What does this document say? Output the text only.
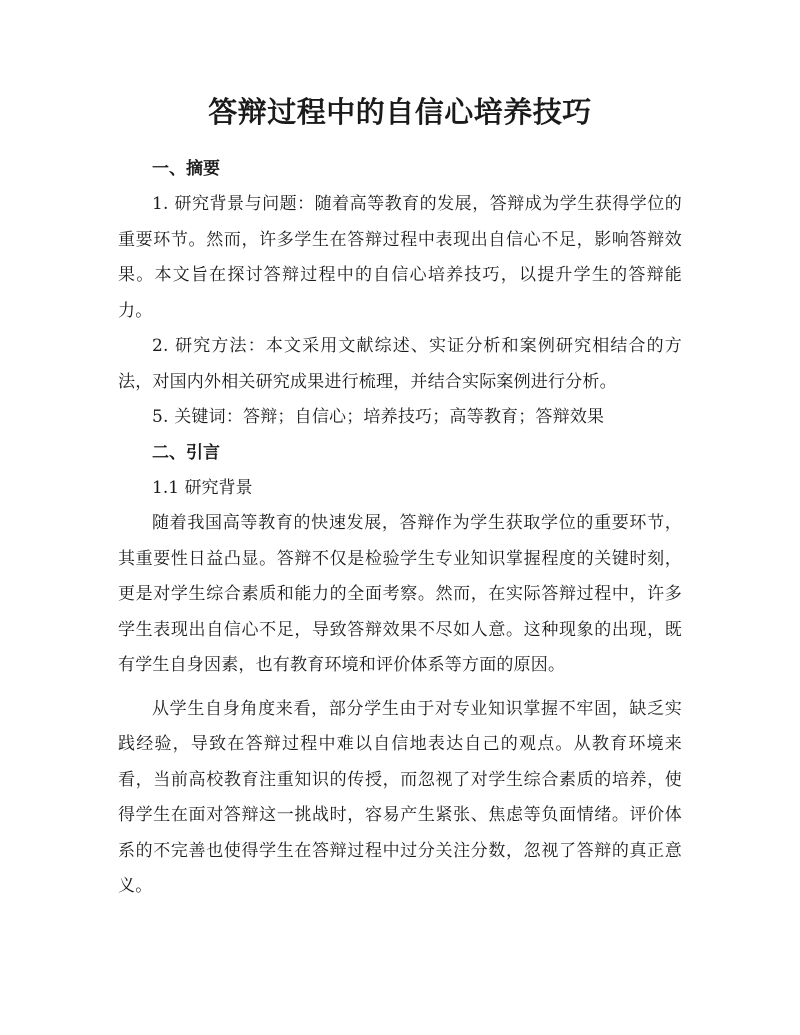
答辩过程中的自信心培养技巧

一、摘要

1. 研究背景与问题：随着高等教育的发展，答辩成为学生获得学位的重要环节。然而，许多学生在答辩过程中表现出自信心不足，影响答辩效果。本文旨在探讨答辩过程中的自信心培养技巧，以提升学生的答辩能力。

2. 研究方法：本文采用文献综述、实证分析和案例研究相结合的方法，对国内外相关研究成果进行梳理，并结合实际案例进行分析。

5. 关键词：答辩；自信心；培养技巧；高等教育；答辩效果

二、引言

1.1 研究背景

随着我国高等教育的快速发展，答辩作为学生获取学位的重要环节，其重要性日益凸显。答辩不仅是检验学生专业知识掌握程度的关键时刻，更是对学生综合素质和能力的全面考察。然而，在实际答辩过程中，许多学生表现出自信心不足，导致答辩效果不尽如人意。这种现象的出现，既有学生自身因素，也有教育环境和评价体系等方面的原因。

从学生自身角度来看，部分学生由于对专业知识掌握不牢固，缺乏实践经验，导致在答辩过程中难以自信地表达自己的观点。从教育环境来看，当前高校教育注重知识的传授，而忽视了对学生综合素质的培养，使得学生在面对答辩这一挑战时，容易产生紧张、焦虑等负面情绪。评价体系的不完善也使得学生在答辩过程中过分关注分数，忽视了答辩的真正意义。
